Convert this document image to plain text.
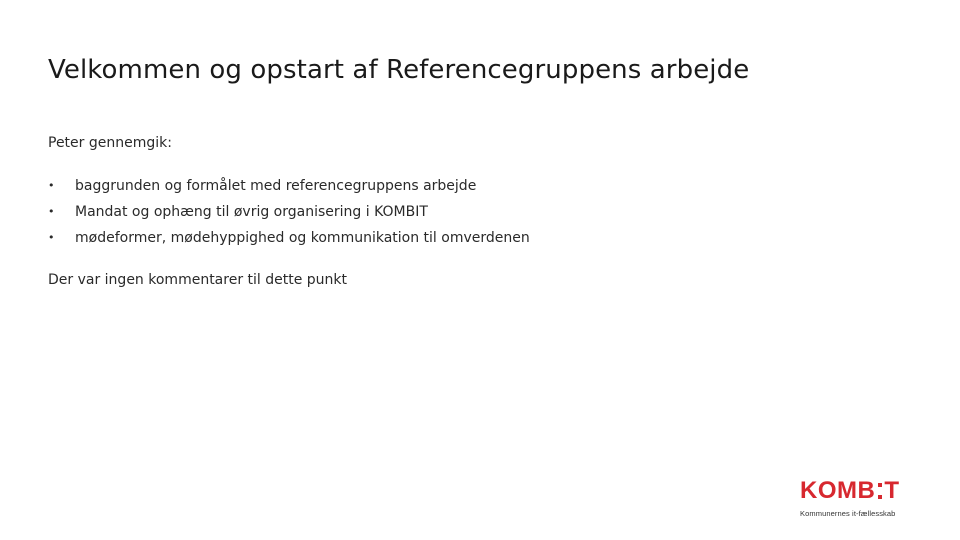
Velkommen og opstart af Referencegruppens arbejde

Peter gennemgik:

• baggrunden og formålet med referencegruppens arbejde
• Mandat og ophæng til øvrig organisering i KOMBIT
• mødeformer, mødehyppighed og kommunikation til omverdenen

Der var ingen kommentarer til dette punkt

KOMB T
Kommunernes it-fællesskab
